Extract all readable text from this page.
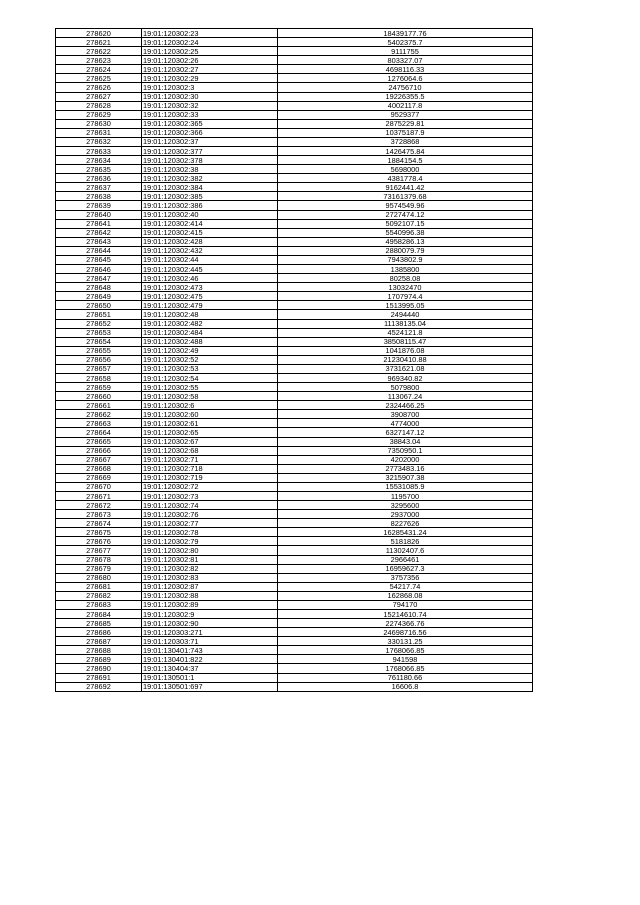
278620	19:01:120302:23	18439177.76
278621	19:01:120302:24	5402375.7
278622	19:01:120302:25	9111755
278623	19:01:120302:26	803327.07
278624	19:01:120302:27	4698116.33
278625	19:01:120302:29	1276064.6
278626	19:01:120302:3	24756710
278627	19:01:120302:30	19226355.5
278628	19:01:120302:32	4002117.8
278629	19:01:120302:33	9529377
278630	19:01:120302:365	2875229.81
278631	19:01:120302:366	10375187.9
278632	19:01:120302:37	3728868
278633	19:01:120302:377	1426475.84
278634	19:01:120302:378	1884154.5
278635	19:01:120302:38	5698000
278636	19:01:120302:382	4381778.4
278637	19:01:120302:384	9162441.42
278638	19:01:120302:385	73161379.68
278639	19:01:120302:386	9574549.96
278640	19:01:120302:40	2727474.12
278641	19:01:120302:414	5092107.15
278642	19:01:120302:415	5540996.38
278643	19:01:120302:428	4958286.13
278644	19:01:120302:432	2880079.79
278645	19:01:120302:44	7943802.9
278646	19:01:120302:445	1385800
278647	19:01:120302:46	80258.08
278648	19:01:120302:473	13032470
278649	19:01:120302:475	1707974.4
278650	19:01:120302:479	1513995.05
278651	19:01:120302:48	2494440
278652	19:01:120302:482	11138135.04
278653	19:01:120302:484	4524121.8
278654	19:01:120302:488	38508115.47
278655	19:01:120302:49	1041876.08
278656	19:01:120302:52	21230410.88
278657	19:01:120302:53	3731621.08
278658	19:01:120302:54	969340.82
278659	19:01:120302:55	5079800
278660	19:01:120302:58	113067.24
278661	19:01:120302:6	2324466.25
278662	19:01:120302:60	3908700
278663	19:01:120302:61	4774000
278664	19:01:120302:65	6327147.12
278665	19:01:120302:67	38843.04
278666	19:01:120302:68	7350950.1
278667	19:01:120302:71	4202000
278668	19:01:120302:718	2773483.16
278669	19:01:120302:719	3215907.38
278670	19:01:120302:72	15531085.9
278671	19:01:120302:73	1195700
278672	19:01:120302:74	3295600
278673	19:01:120302:76	2937000
278674	19:01:120302:77	8227626
278675	19:01:120302:78	16285431.24
278676	19:01:120302:79	5181826
278677	19:01:120302:80	11302407.6
278678	19:01:120302:81	2966461
278679	19:01:120302:82	16959627.3
278680	19:01:120302:83	3757356
278681	19:01:120302:87	54217.74
278682	19:01:120302:88	162868.08
278683	19:01:120302:89	794170
278684	19:01:120302:9	15214610.74
278685	19:01:120302:90	2274366.76
278686	19:01:120303:271	24698716.56
278687	19:01:120303:71	330131.25
278688	19:01:130401:743	1768066.85
278689	19:01:130401:822	941598
278690	19:01:130404:37	1768066.85
278691	19:01:130501:1	761180.66
278692	19:01:130501:697	16606.8
